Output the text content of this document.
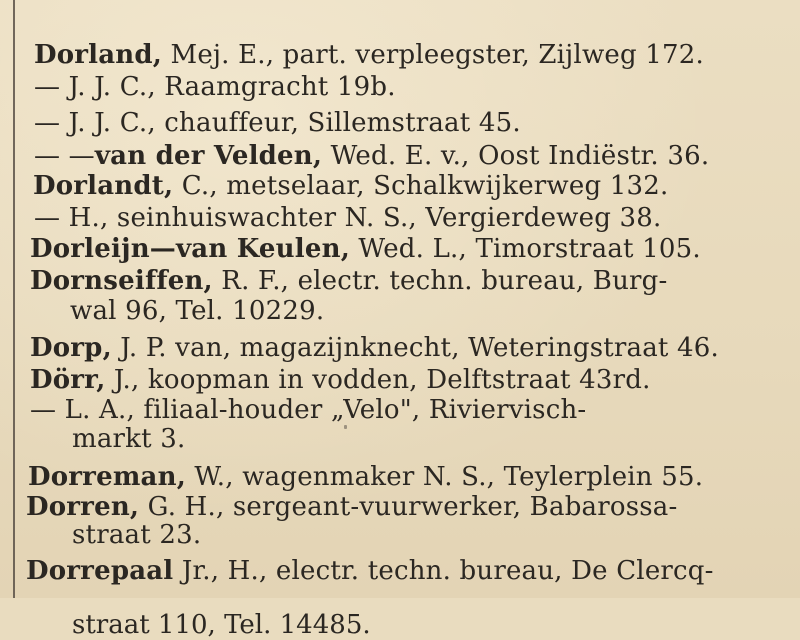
Dorland, Mej. E., part. verpleegster, Zijlweg 172.

— J. J. C., Raamgracht 19b.

— J. J. C., chauffeur, Sillemstraat 45.

— —van der Velden, Wed. E. v., Oost Indiëstr. 36.

Dorlandt, C., metselaar, Schalkwijkerweg 132.

— H., seinhuiswachter N. S., Vergierdeweg 38.

Dorleijn—van Keulen, Wed. L., Timorstraat 105.

Dornseiffen, R. F., electr. techn. bureau, Burg-

wal 96, Tel. 10229.

Dorp, J. P. van, magazijnknecht, Weteringstraat 46.

Dörr, J., koopman in vodden, Delftstraat 43rd.

— L. A., filiaal-houder „Velo", Riviervisch-

markt 3.

Dorreman, W., wagenmaker N. S., Teylerplein 55.

Dorren, G. H., sergeant-vuurwerker, Babarossa-

straat 23.

Dorrepaal Jr., H., electr. techn. bureau, De Clercq-

straat 110, Tel. 14485.
